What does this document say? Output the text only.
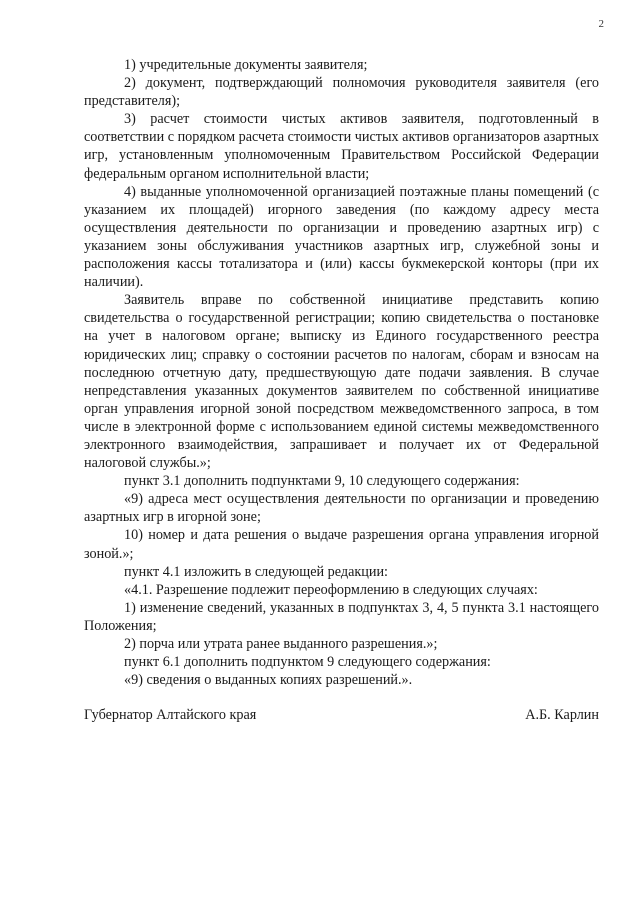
2

1) учредительные документы заявителя;

2) документ, подтверждающий полномочия руководителя заявителя (его представителя);

3) расчет стоимости чистых активов заявителя, подготовленный в соответствии с порядком расчета стоимости чистых активов организаторов азартных игр, установленным уполномоченным Правительством Российской Федерации федеральным органом исполнительной власти;

4) выданные уполномоченной организацией поэтажные планы помещений (с указанием их площадей) игорного заведения (по каждому адресу места осуществления деятельности по организации и проведению азартных игр) с указанием зоны обслуживания участников азартных игр, служебной зоны и расположения кассы тотализатора и (или) кассы букмекерской конторы (при их наличии).

Заявитель вправе по собственной инициативе представить копию свидетельства о государственной регистрации; копию свидетельства о постановке на учет в налоговом органе; выписку из Единого государственного реестра юридических лиц; справку о состоянии расчетов по налогам, сборам и взносам на последнюю отчетную дату, предшествующую дате подачи заявления. В случае непредставления указанных документов заявителем по собственной инициативе орган управления игорной зоной посредством межведомственного запроса, в том числе в электронной форме с использованием единой системы межведомственного электронного взаимодействия, запрашивает и получает их от Федеральной налоговой службы.»;

пункт 3.1 дополнить подпунктами 9, 10 следующего содержания:

«9) адреса мест осуществления деятельности по организации и проведению азартных игр в игорной зоне;

10) номер и дата решения о выдаче разрешения органа управления игорной зоной.»;

пункт 4.1 изложить в следующей редакции:

«4.1. Разрешение подлежит переоформлению в следующих случаях:

1) изменение сведений, указанных в подпунктах 3, 4, 5 пункта 3.1 настоящего Положения;

2) порча или утрата ранее выданного разрешения.»;

пункт 6.1 дополнить подпунктом 9 следующего содержания:

«9) сведения о выданных копиях разрешений.».

Губернатор Алтайского края	А.Б. Карлин
